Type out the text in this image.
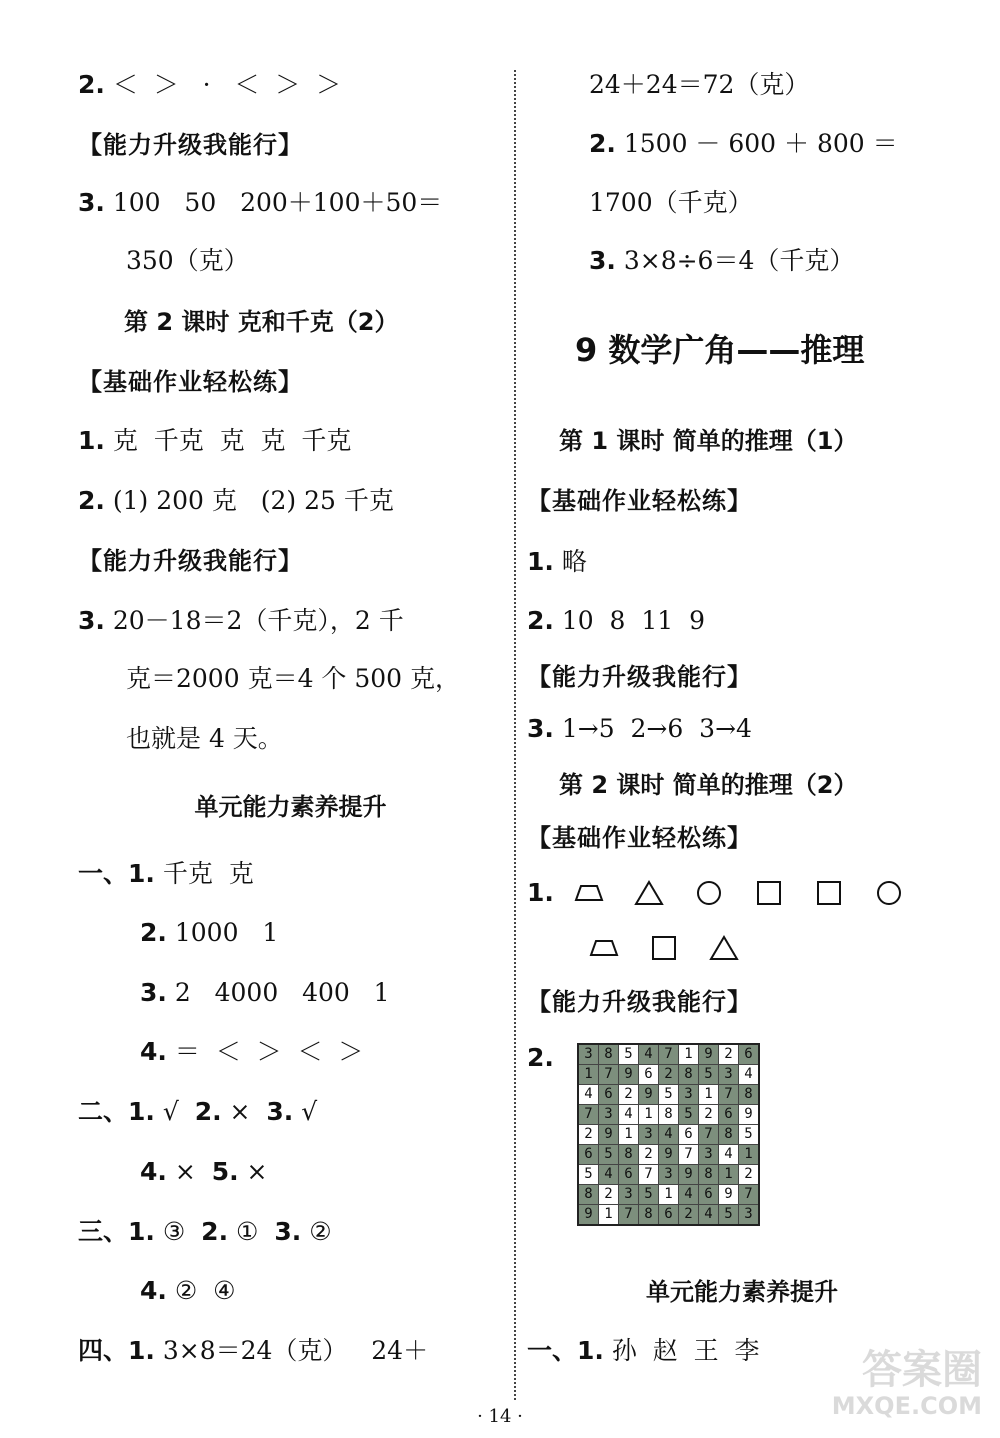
2. ＜  ＞   ·   ＜  ＞  ＞
【能力升级我能行】
3. 100   50   200＋100＋50＝
350（克）
第 2 课时 克和千克（2）
【基础作业轻松练】
1. 克  千克  克  克  千克
2. (1) 200 克   (2) 25 千克
【能力升级我能行】
3. 20－18＝2（千克），2 千
克＝2000 克＝4 个 500 克，
也就是 4 天。
单元能力素养提升
一、1. 千克  克
2. 1000   1
3. 2   4000   400   1
4. ＝  ＜  ＞  ＜  ＞
二、1. √  2. ×  3. √
4. ×  5. ×
三、1. ③  2. ①  3. ②
4. ②  ④
四、1. 3×8＝24（克）   24＋
24＋24＝72（克）
2. 1500 － 600 ＋ 800 ＝
1700（千克）
3. 3×8÷6＝4（千克）
9 数学广角——推理
第 1 课时 简单的推理（1）
【基础作业轻松练】
1. 略
2. 10  8  11  9
【能力升级我能行】
3. 1→5  2→6  3→4
第 2 课时 简单的推理（2）
【基础作业轻松练】
1.
【能力升级我能行】
2.
单元能力素养提升
一、1. 孙  赵  王  李
3	8	5	4	7	1	9	2	6
1	7	9	6	2	8	5	3	4
4	6	2	9	5	3	1	7	8
7	3	4	1	8	5	2	6	9
2	9	1	3	4	6	7	8	5
6	5	8	2	9	7	3	4	1
5	4	6	7	3	9	8	1	2
8	2	3	5	1	4	6	9	7
9	1	7	8	6	2	4	5	3
· 14 ·
答案圈
MXQE.COM
